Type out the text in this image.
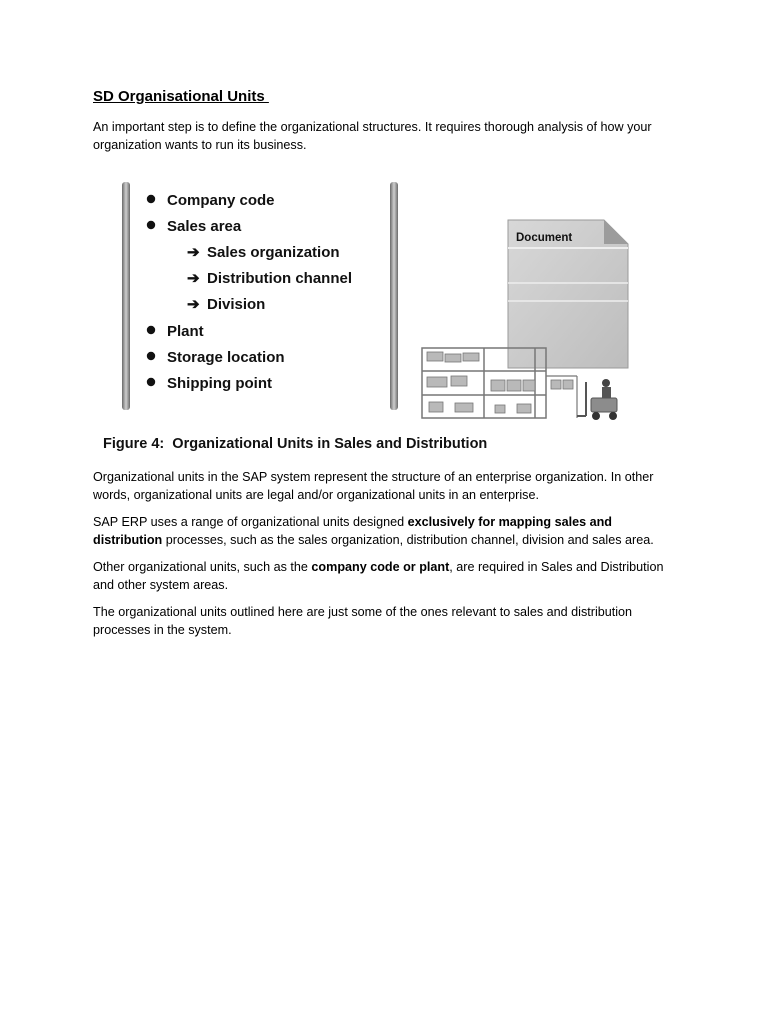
SD Organisational Units
An important step is to define the organizational structures. It requires thorough analysis of how your organization wants to run its business.
Company code
Sales area
➔ Sales organization
➔ Distribution channel
➔ Division
Plant
Storage location
Shipping point
Document
Figure 4:  Organizational Units in Sales and Distribution
Organizational units in the SAP system represent the structure of an enterprise organization. In other words, organizational units are legal and/or organizational units in an enterprise.
SAP ERP uses a range of organizational units designed exclusively for mapping sales and distribution processes, such as the sales organization, distribution channel, division and sales area.
Other organizational units, such as the company code or plant, are required in Sales and Distribution and other system areas.
The organizational units outlined here are just some of the ones relevant to sales and distribution processes in the system.
